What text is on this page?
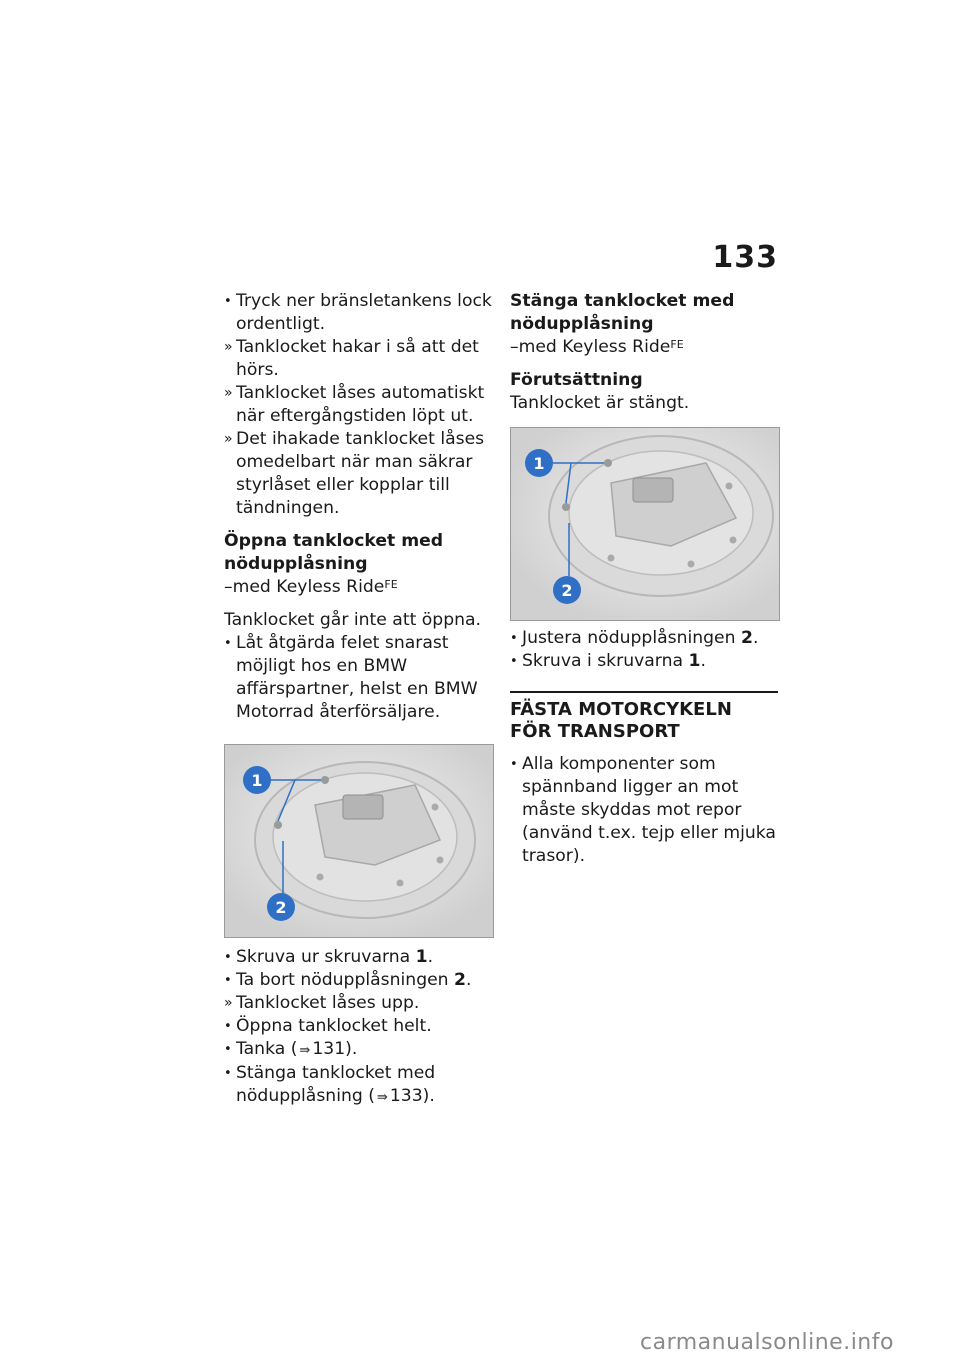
133
• Tryck ner bränsletankens lock ordentligt.

» Tanklocket hakar i så att det hörs.

» Tanklocket låses automatiskt när eftergångstiden löpt ut.

» Det ihakade tanklocket låses omedelbart när man säkrar styrlåset eller kopplar till tändningen.

Öppna tanklocket med nödupplåsning

–med Keyless Ride$^{FE}$

Tanklocket går inte att öppna.

• Låt åtgärda felet snarast möjligt hos en BMW affärspartner, helst en BMW Motorrad återförsäljare.

1
2
• Skruva ur skruvarna 1.

• Ta bort nödupplåsningen 2.

» Tanklocket låses upp.

• Öppna tanklocket helt.

• Tanka ( ⇛ 131).

• Stänga tanklocket med nödupplåsning ( ⇛ 133).

Stänga tanklocket med nödupplåsning

–med Keyless Ride$^{FE}$

Förutsättning

Tanklocket är stängt.

1
2
• Justera nödupplåsningen 2.

• Skruva i skruvarna 1.

FÄSTA MOTORCYKELN FÖR TRANSPORT

• Alla komponenter som spännband ligger an mot måste skyddas mot repor (använd t.ex. tejp eller mjuka trasor).

carmanualsonline.info
